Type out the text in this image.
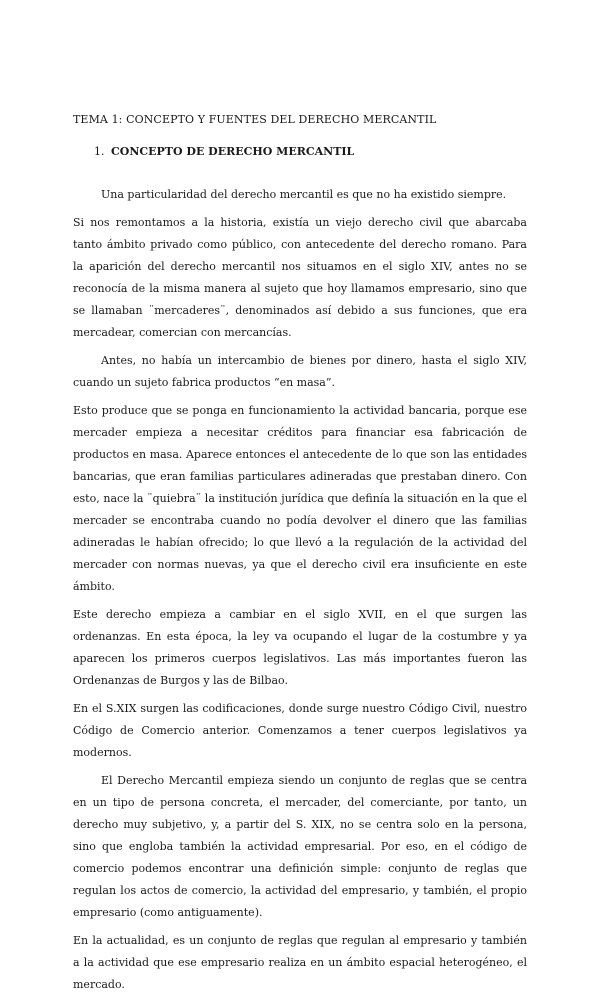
TEMA 1: CONCEPTO Y FUENTES DEL DERECHO MERCANTIL
1. CONCEPTO DE DERECHO MERCANTIL

Una particularidad del derecho mercantil es que no ha existido siempre.

Si nos remontamos a la historia, existía un viejo derecho civil que abarcaba tanto ámbito privado como público, con antecedente del derecho romano. Para la aparición del derecho mercantil nos situamos en el siglo XIV, antes no se reconocía de la misma manera al sujeto que hoy llamamos empresario, sino que se llamaban ¨mercaderes¨, denominados así debido a sus funciones, que era mercadear, comercian con mercancías.

Antes, no había un intercambio de bienes por dinero, hasta el siglo XIV, cuando un sujeto fabrica productos “en masa”.

Esto produce que se ponga en funcionamiento la actividad bancaria, porque ese mercader empieza a necesitar créditos para financiar esa fabricación de productos en masa. Aparece entonces el antecedente de lo que son las entidades bancarias, que eran familias particulares adineradas que prestaban dinero. Con esto, nace la ¨quiebra¨ la institución jurídica que definía la situación en la que el mercader se encontraba cuando no podía devolver el dinero que las familias adineradas le habían ofrecido; lo que llevó a la regulación de la actividad del mercader con normas nuevas, ya que el derecho civil era insuficiente en este ámbito.

Este derecho empieza a cambiar en el siglo XVII, en el que surgen las ordenanzas. En esta época, la ley va ocupando el lugar de la costumbre y ya aparecen los primeros cuerpos legislativos. Las más importantes fueron las Ordenanzas de Burgos y las de Bilbao.

En el S.XIX surgen las codificaciones, donde surge nuestro Código Civil, nuestro Código de Comercio anterior. Comenzamos a tener cuerpos legislativos ya modernos.

El Derecho Mercantil empieza siendo un conjunto de reglas que se centra en un tipo de persona concreta, el mercader, del comerciante, por tanto, un derecho muy subjetivo, y, a partir del S. XIX, no se centra solo en la persona, sino que engloba también la actividad empresarial. Por eso, en el código de comercio podemos encontrar una definición simple: conjunto de reglas que regulan los actos de comercio, la actividad del empresario, y también, el propio empresario (como antiguamente).

En la actualidad, es un conjunto de reglas que regulan al empresario y también a la actividad que ese empresario realiza en un ámbito espacial heterogéneo, el mercado.
